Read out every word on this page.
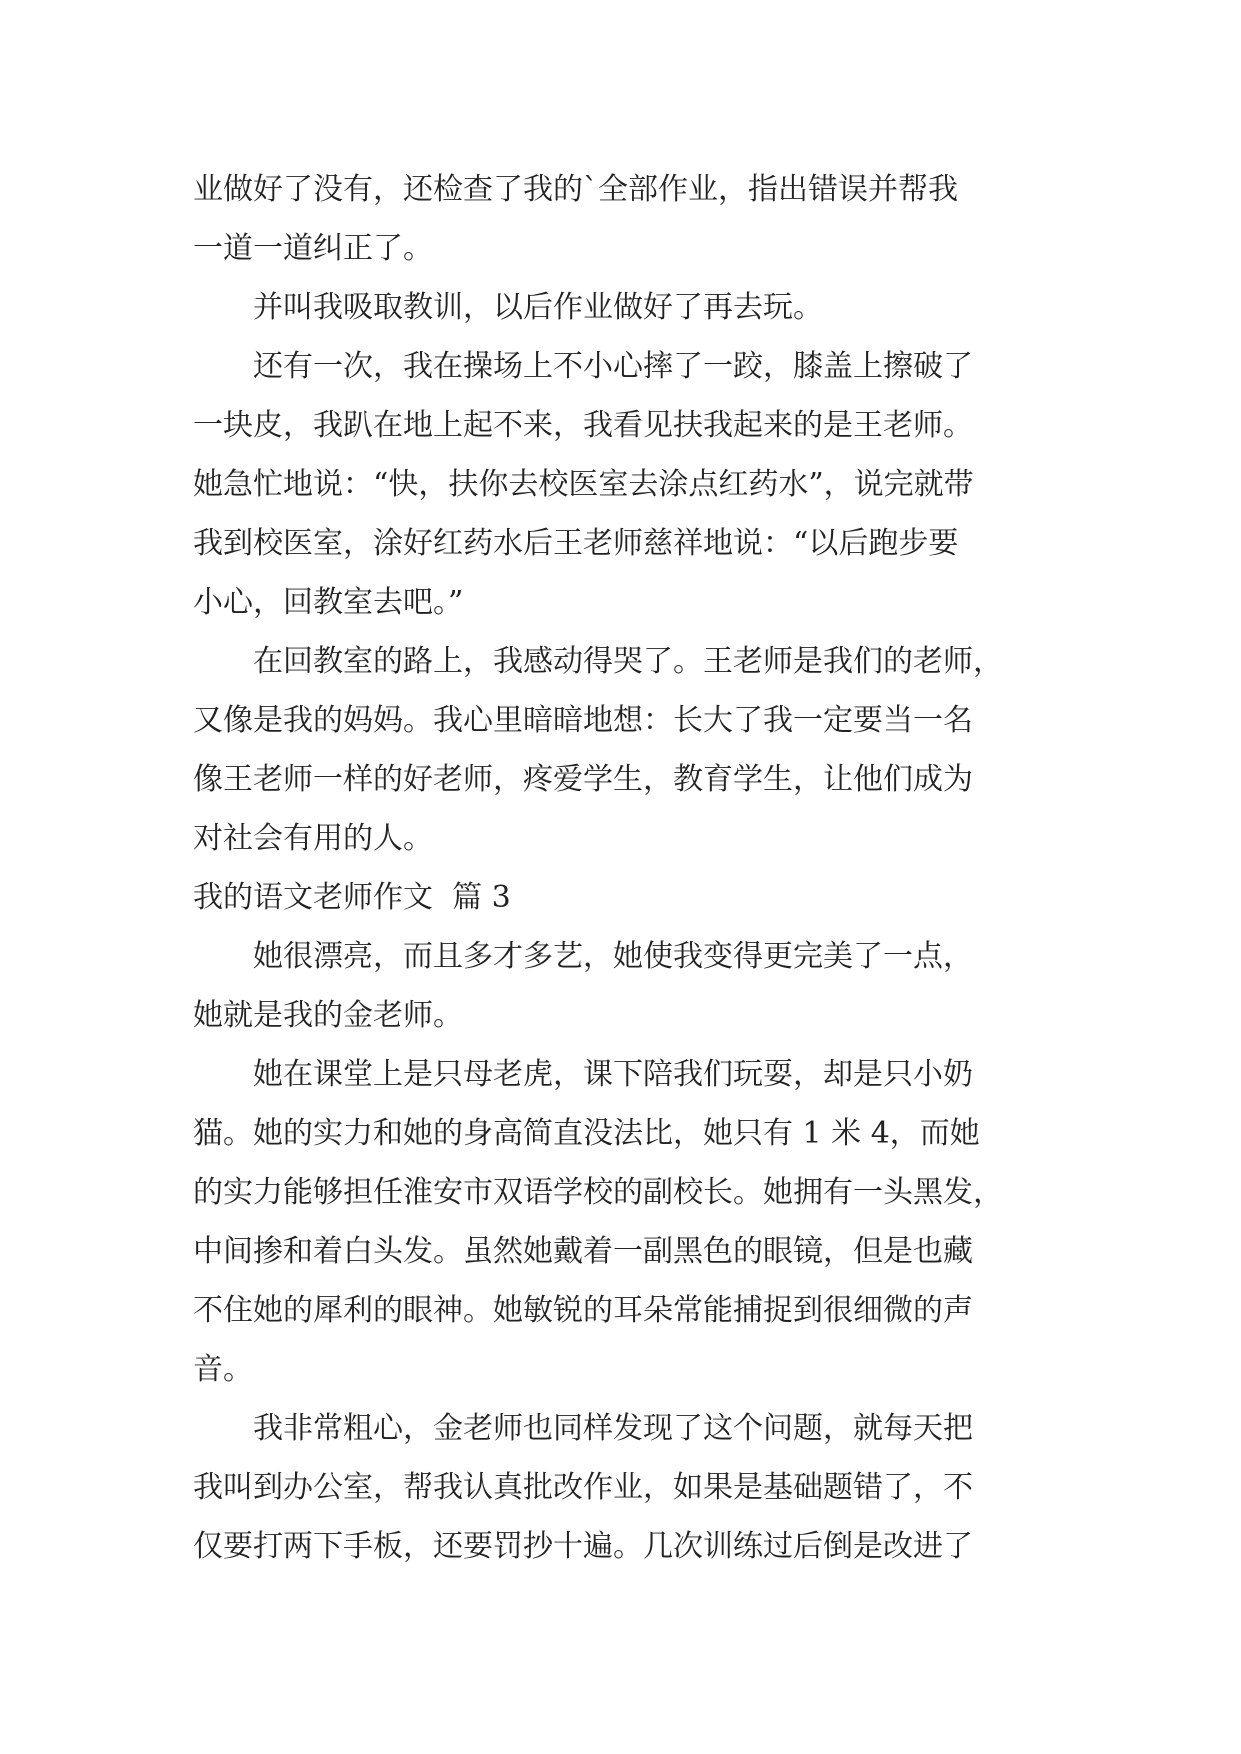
业做好了没有，还检查了我的`全部作业，指出错误并帮我
一道一道纠正了。
　　并叫我吸取教训，以后作业做好了再去玩。
　　还有一次，我在操场上不小心摔了一跤，膝盖上擦破了
一块皮，我趴在地上起不来，我看见扶我起来的是王老师。
她急忙地说：“快，扶你去校医室去涂点红药水”，说完就带
我到校医室，涂好红药水后王老师慈祥地说：“以后跑步要
小心，回教室去吧。”
　　在回教室的路上，我感动得哭了。王老师是我们的老师，
又像是我的妈妈。我心里暗暗地想：长大了我一定要当一名
像王老师一样的好老师，疼爱学生，教育学生，让他们成为
对社会有用的人。
我的语文老师作文  篇 3
　　她很漂亮，而且多才多艺，她使我变得更完美了一点，
她就是我的金老师。
　　她在课堂上是只母老虎，课下陪我们玩耍，却是只小奶
猫。她的实力和她的身高简直没法比，她只有 1 米 4，而她
的实力能够担任淮安市双语学校的副校长。她拥有一头黑发，
中间掺和着白头发。虽然她戴着一副黑色的眼镜，但是也藏
不住她的犀利的眼神。她敏锐的耳朵常能捕捉到很细微的声
音。
　　我非常粗心，金老师也同样发现了这个问题，就每天把
我叫到办公室，帮我认真批改作业，如果是基础题错了，不
仅要打两下手板，还要罚抄十遍。几次训练过后倒是改进了
